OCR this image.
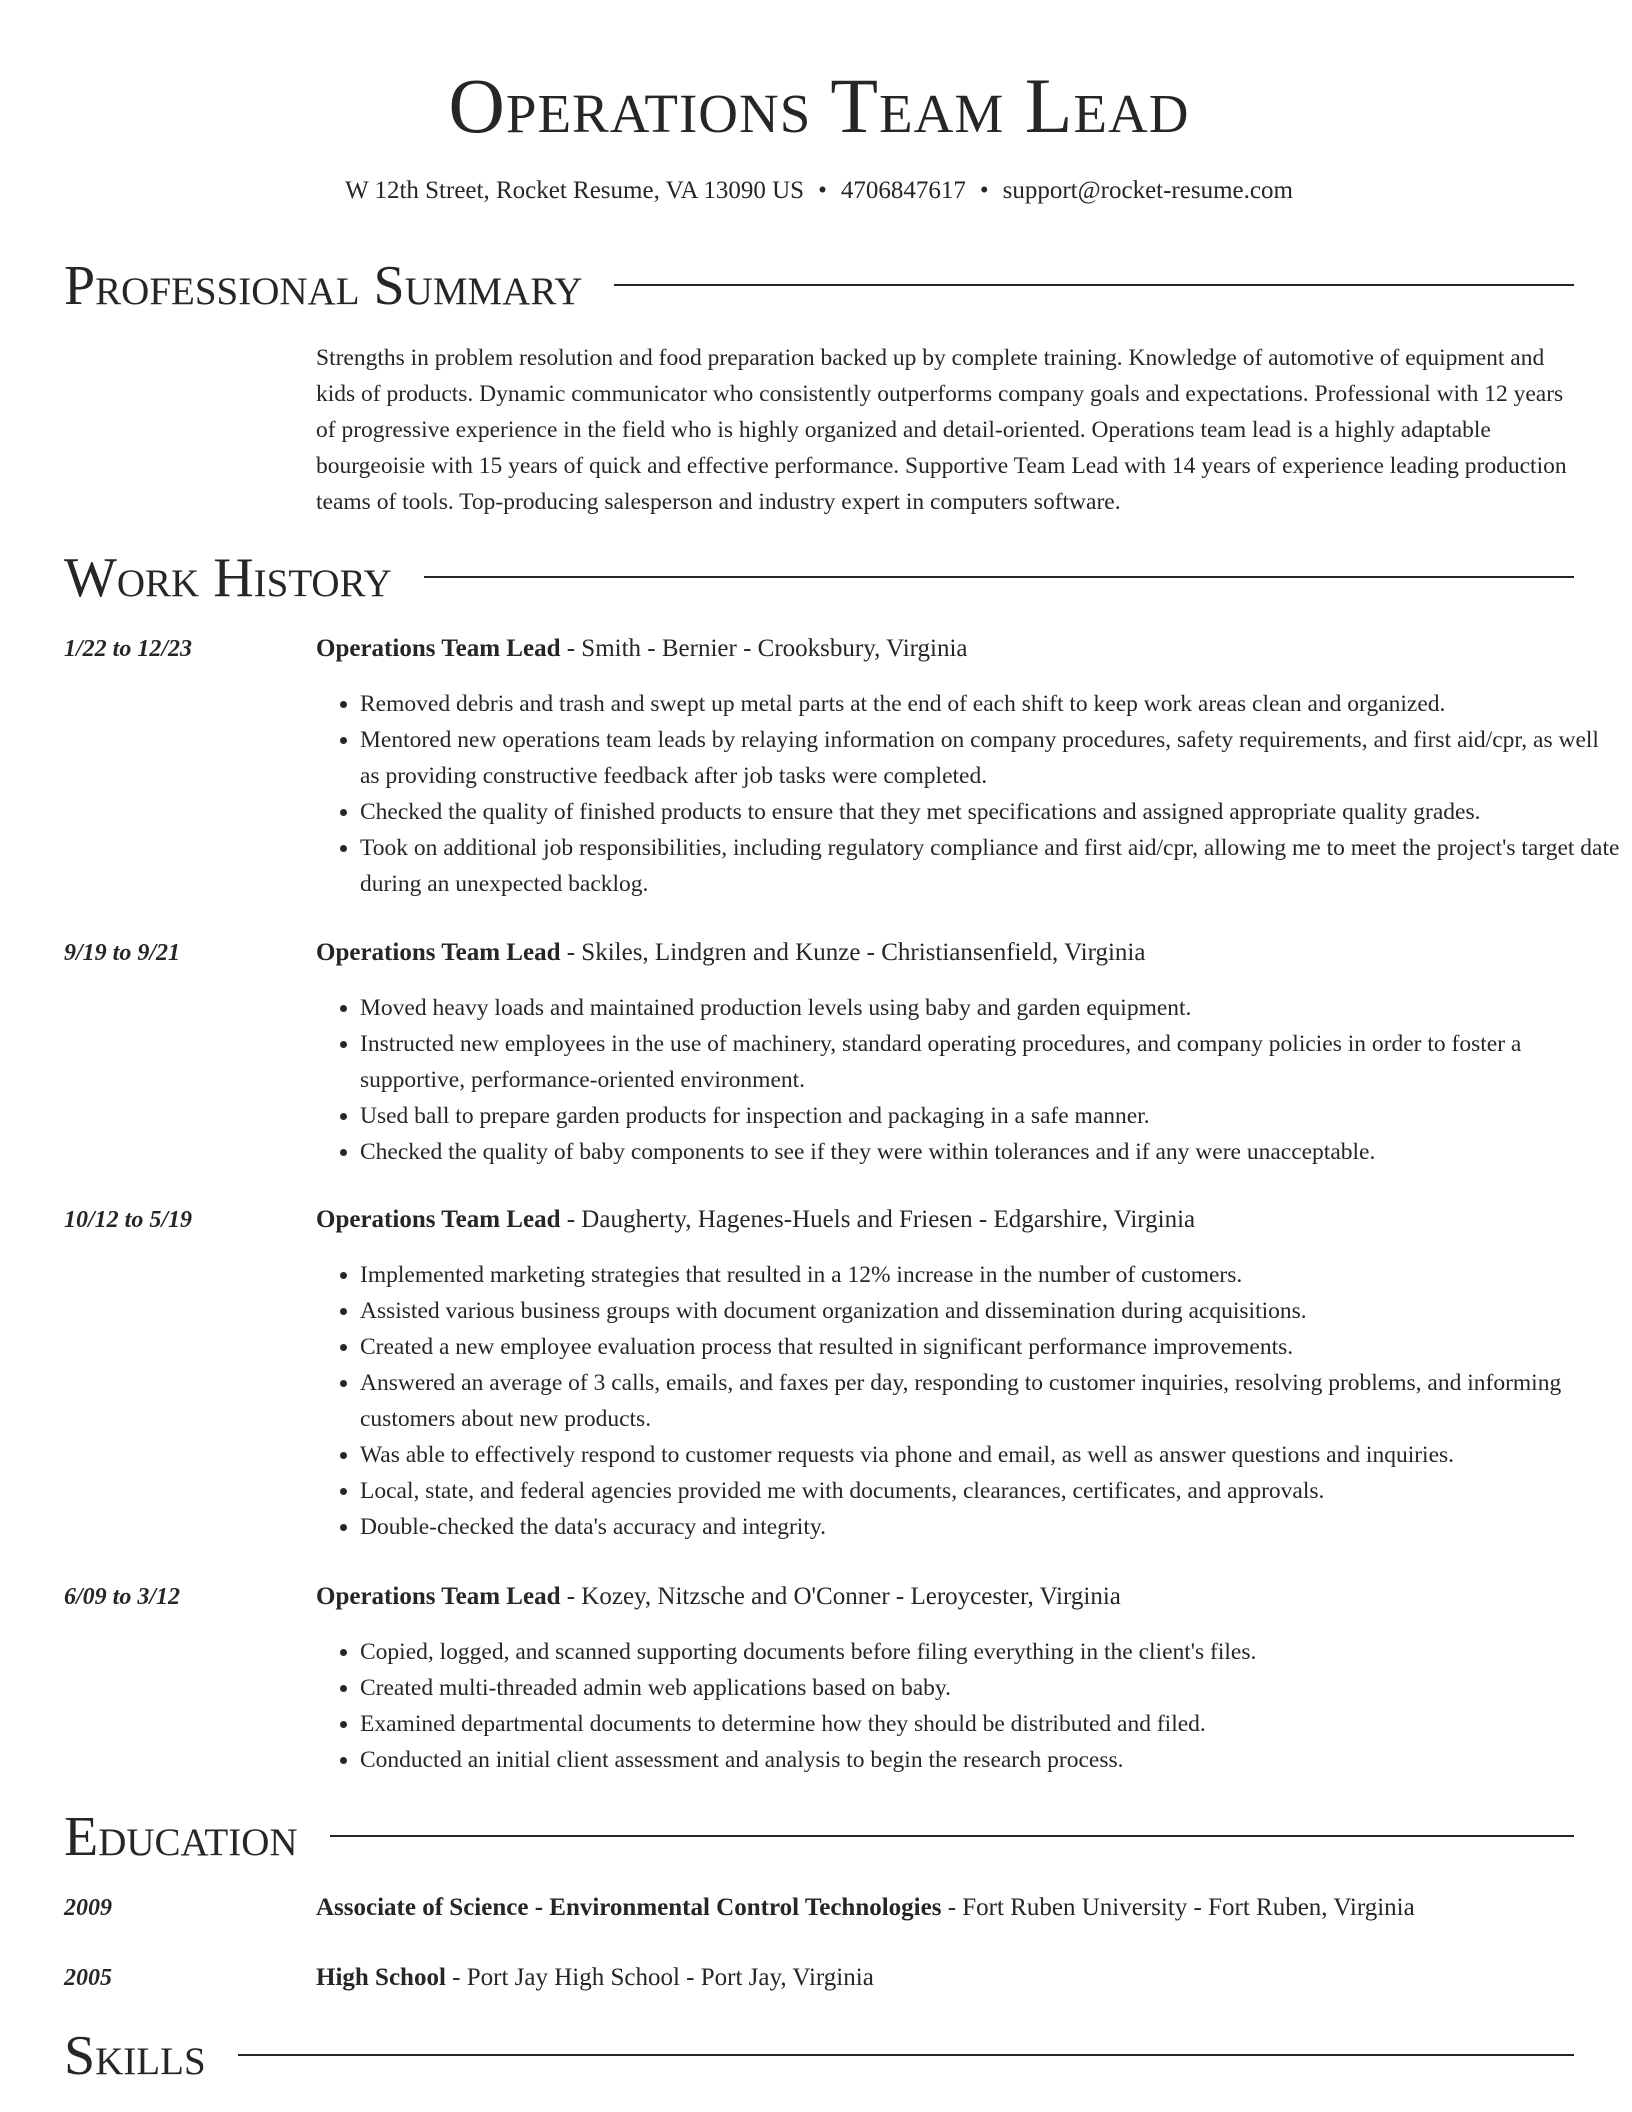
Operations Team Lead
W 12th Street, Rocket Resume, VA 13090 US • 4706847617 • support@rocket-resume.com
Professional Summary

Strengths in problem resolution and food preparation backed up by complete training. Knowledge of automotive of equipment and kids of products. Dynamic communicator who consistently outperforms company goals and expectations. Professional with 12 years of progressive experience in the field who is highly organized and detail-oriented. Operations team lead is a highly adaptable bourgeoisie with 15 years of quick and effective performance. Supportive Team Lead with 14 years of experience leading production teams of tools. Top-producing salesperson and industry expert in computers software.

Work History
1/22 to 12/23	Operations Team Lead - Smith - Bernier - Crooksbury, Virginia
• Removed debris and trash and swept up metal parts at the end of each shift to keep work areas clean and organized.
• Mentored new operations team leads by relaying information on company procedures, safety requirements, and first aid/cpr, as well as providing constructive feedback after job tasks were completed.
• Checked the quality of finished products to ensure that they met specifications and assigned appropriate quality grades.
• Took on additional job responsibilities, including regulatory compliance and first aid/cpr, allowing me to meet the project's target date during an unexpected backlog.
9/19 to 9/21	Operations Team Lead - Skiles, Lindgren and Kunze - Christiansenfield, Virginia
• Moved heavy loads and maintained production levels using baby and garden equipment.
• Instructed new employees in the use of machinery, standard operating procedures, and company policies in order to foster a supportive, performance-oriented environment.
• Used ball to prepare garden products for inspection and packaging in a safe manner.
• Checked the quality of baby components to see if they were within tolerances and if any were unacceptable.
10/12 to 5/19	Operations Team Lead - Daugherty, Hagenes-Huels and Friesen - Edgarshire, Virginia
• Implemented marketing strategies that resulted in a 12% increase in the number of customers.
• Assisted various business groups with document organization and dissemination during acquisitions.
• Created a new employee evaluation process that resulted in significant performance improvements.
• Answered an average of 3 calls, emails, and faxes per day, responding to customer inquiries, resolving problems, and informing customers about new products.
• Was able to effectively respond to customer requests via phone and email, as well as answer questions and inquiries.
• Local, state, and federal agencies provided me with documents, clearances, certificates, and approvals.
• Double-checked the data's accuracy and integrity.
6/09 to 3/12	Operations Team Lead - Kozey, Nitzsche and O'Conner - Leroycester, Virginia
• Copied, logged, and scanned supporting documents before filing everything in the client's files.
• Created multi-threaded admin web applications based on baby.
• Examined departmental documents to determine how they should be distributed and filed.
• Conducted an initial client assessment and analysis to begin the research process.
Education
2009	Associate of Science - Environmental Control Technologies - Fort Ruben University - Fort Ruben, Virginia
2005	High School - Port Jay High School - Port Jay, Virginia
Skills
